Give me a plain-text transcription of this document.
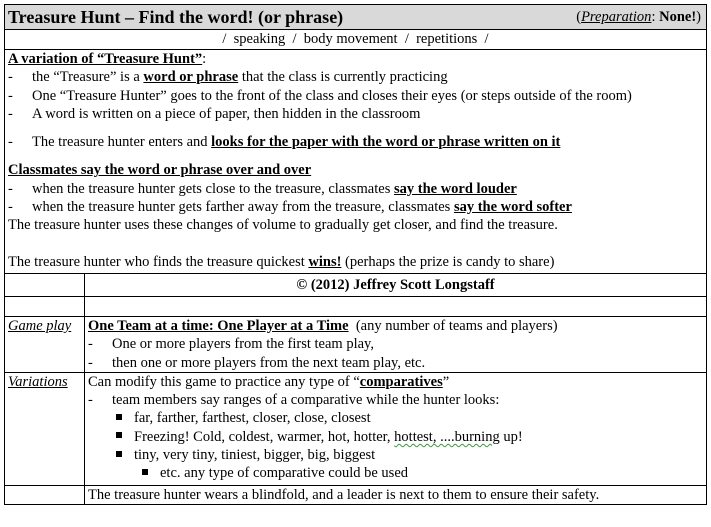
Treasure Hunt – Find the word! (or phrase) (Preparation: None!)	

/  speaking  /  body movement  /  repetitions  /	

A variation of “Treasure Hunt”:
- the “Treasure” is a word or phrase that the class is currently practicing
- One “Treasure Hunter” goes to the front of the class and closes their eyes (or steps outside of the room)
- A word is written on a piece of paper, then hidden in the classroom
- The treasure hunter enters and looks for the paper with the word or phrase written on it
Classmates say the word or phrase over and over
- when the treasure hunter gets close to the treasure, classmates say the word louder
- when the treasure hunter gets farther away from the treasure, classmates say the word softer
The treasure hunter uses these changes of volume to gradually get closer, and find the treasure.
The treasure hunter who finds the treasure quickest wins! (perhaps the prize is candy to share)

	© (2012) Jeffrey Scott Longstaff

Game play	One Team at a time: One Player at a Time  (any number of teams and players)
- One or more players from the first team play,
- then one or more players from the next team play, etc.

Variations	Can modify this game to practice any type of “comparatives”
- team members say ranges of a comparative while the hunter looks:
far, farther, farthest, closer, close, closest
Freezing! Cold, coldest, warmer, hot, hotter, hottest, ....burning up!
tiny, very tiny, tiniest, bigger, big, biggest
etc. any type of comparative could be used

	The treasure hunter wears a blindfold, and a leader is next to them to ensure their safety.
